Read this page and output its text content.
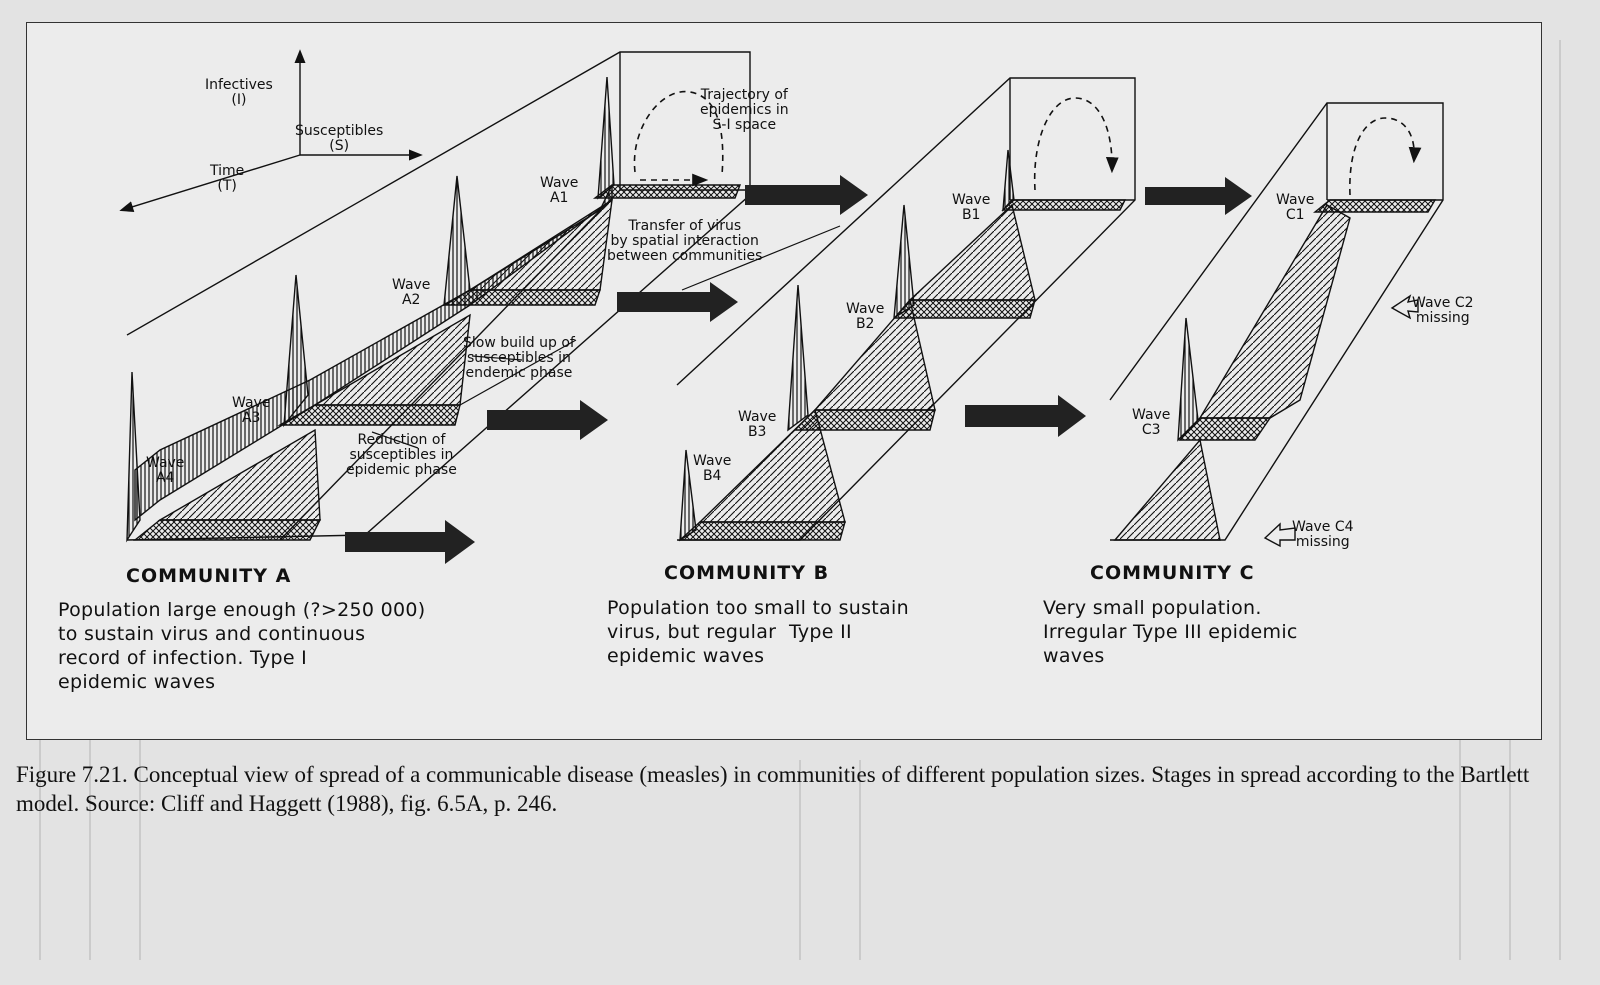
Infectives
(I)
Susceptibles
(S)
Time
(T)
Trajectory of
epidemics in
S-I space
Transfer of virus
by spatial interaction
between communities
Slow build up of
susceptibles in
endemic phase
Reduction of
susceptibles in
epidemic phase
Wave
A1
Wave
A2
Wave
A3
Wave
A4
Wave
B1
Wave
B2
Wave
B3
Wave
B4
Wave
C1
Wave
C3
Wave C2
missing
Wave C4
missing
COMMUNITY A	COMMUNITY B	COMMUNITY C
Population large enough (?>250 000)
to sustain virus and continuous
record of infection. Type I
epidemic waves
Population too small to sustain
virus, but regular  Type II
epidemic waves
Very small population.
Irregular Type III epidemic
waves
Figure 7.21. Conceptual view of spread of a communicable disease (measles) in communities of different population sizes. Stages in spread according to the Bartlett model. Source: Cliff and Haggett (1988), fig. 6.5A, p. 246.
